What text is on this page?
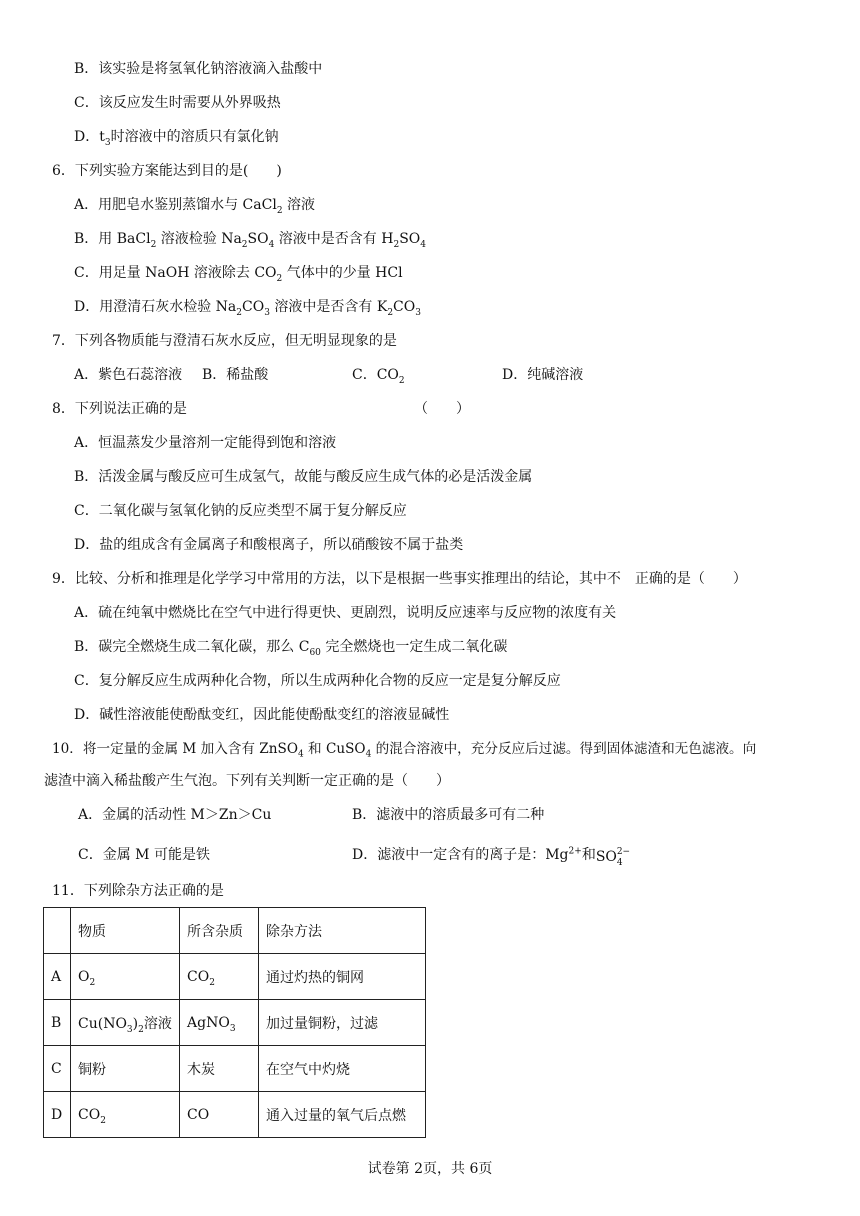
B．该实验是将氢氧化钠溶液滴入盐酸中
C．该反应发生时需要从外界吸热
D．$t_3$时溶液中的溶质只有氯化钠
6．下列实验方案能达到目的是(　　)
A．用肥皂水鉴别蒸馏水与 CaCl$_2$ 溶液
B．用 BaCl$_2$ 溶液检验 $Na_2SO_4$ 溶液中是否含有 $H_2SO_4$
C．用足量 NaOH 溶液除去 $CO_2$ 气体中的少量 HCl
D．用澄清石灰水检验 $Na_2CO_3$ 溶液中是否含有 $K_2CO_3$
7．下列各物质能与澄清石灰水反应，但无明显现象的是
A．紫色石蕊溶液 B．稀盐酸	C．$CO_2$	D．纯碱溶液
8．下列说法正确的是	（　　）
A．恒温蒸发少量溶剂一定能得到饱和溶液
B．活泼金属与酸反应可生成氢气，故能与酸反应生成气体的必是活泼金属
C．二氧化碳与氢氧化钠的反应类型不属于复分解反应
D．盐的组成含有金属离子和酸根离子，所以硝酸铵不属于盐类
9．比较、分析和推理是化学学习中常用的方法，以下是根据一些事实推理出的结论，其中不　正确的是（　　）
A．硫在纯氧中燃烧比在空气中进行得更快、更剧烈，说明反应速率与反应物的浓度有关
B．碳完全燃烧生成二氧化碳，那么 $C_{60}$ 完全燃烧也一定生成二氧化碳
C．复分解反应生成两种化合物，所以生成两种化合物的反应一定是复分解反应
D．碱性溶液能使酚酞变红，因此能使酚酞变红的溶液显碱性
10．将一定量的金属 M 加入含有 ZnSO$_4$ 和 CuSO$_4$ 的混合溶液中，充分反应后过滤。得到固体滤渣和无色滤液。向
滤渣中滴入稀盐酸产生气泡。下列有关判断一定正确的是（　　）
A．金属的活动性 M＞Zn＞Cu	B．滤液中的溶质最多可有二种
C．金属 M 可能是铁	D．滤液中一定含有的离子是：$Mg^{2+}$和 SO 2−
4
11．下列除杂方法正确的是
	物质	所含杂质	除杂方法
A	$O_2$	$CO_2$	通过灼热的铜网
B	$Cu(NO_3)_2$溶液	AgNO$_3$	加过量铜粉，过滤
C	铜粉	木炭	在空气中灼烧
D	$CO_2$	CO	通入过量的氧气后点燃
试卷第 2页，共 6页
